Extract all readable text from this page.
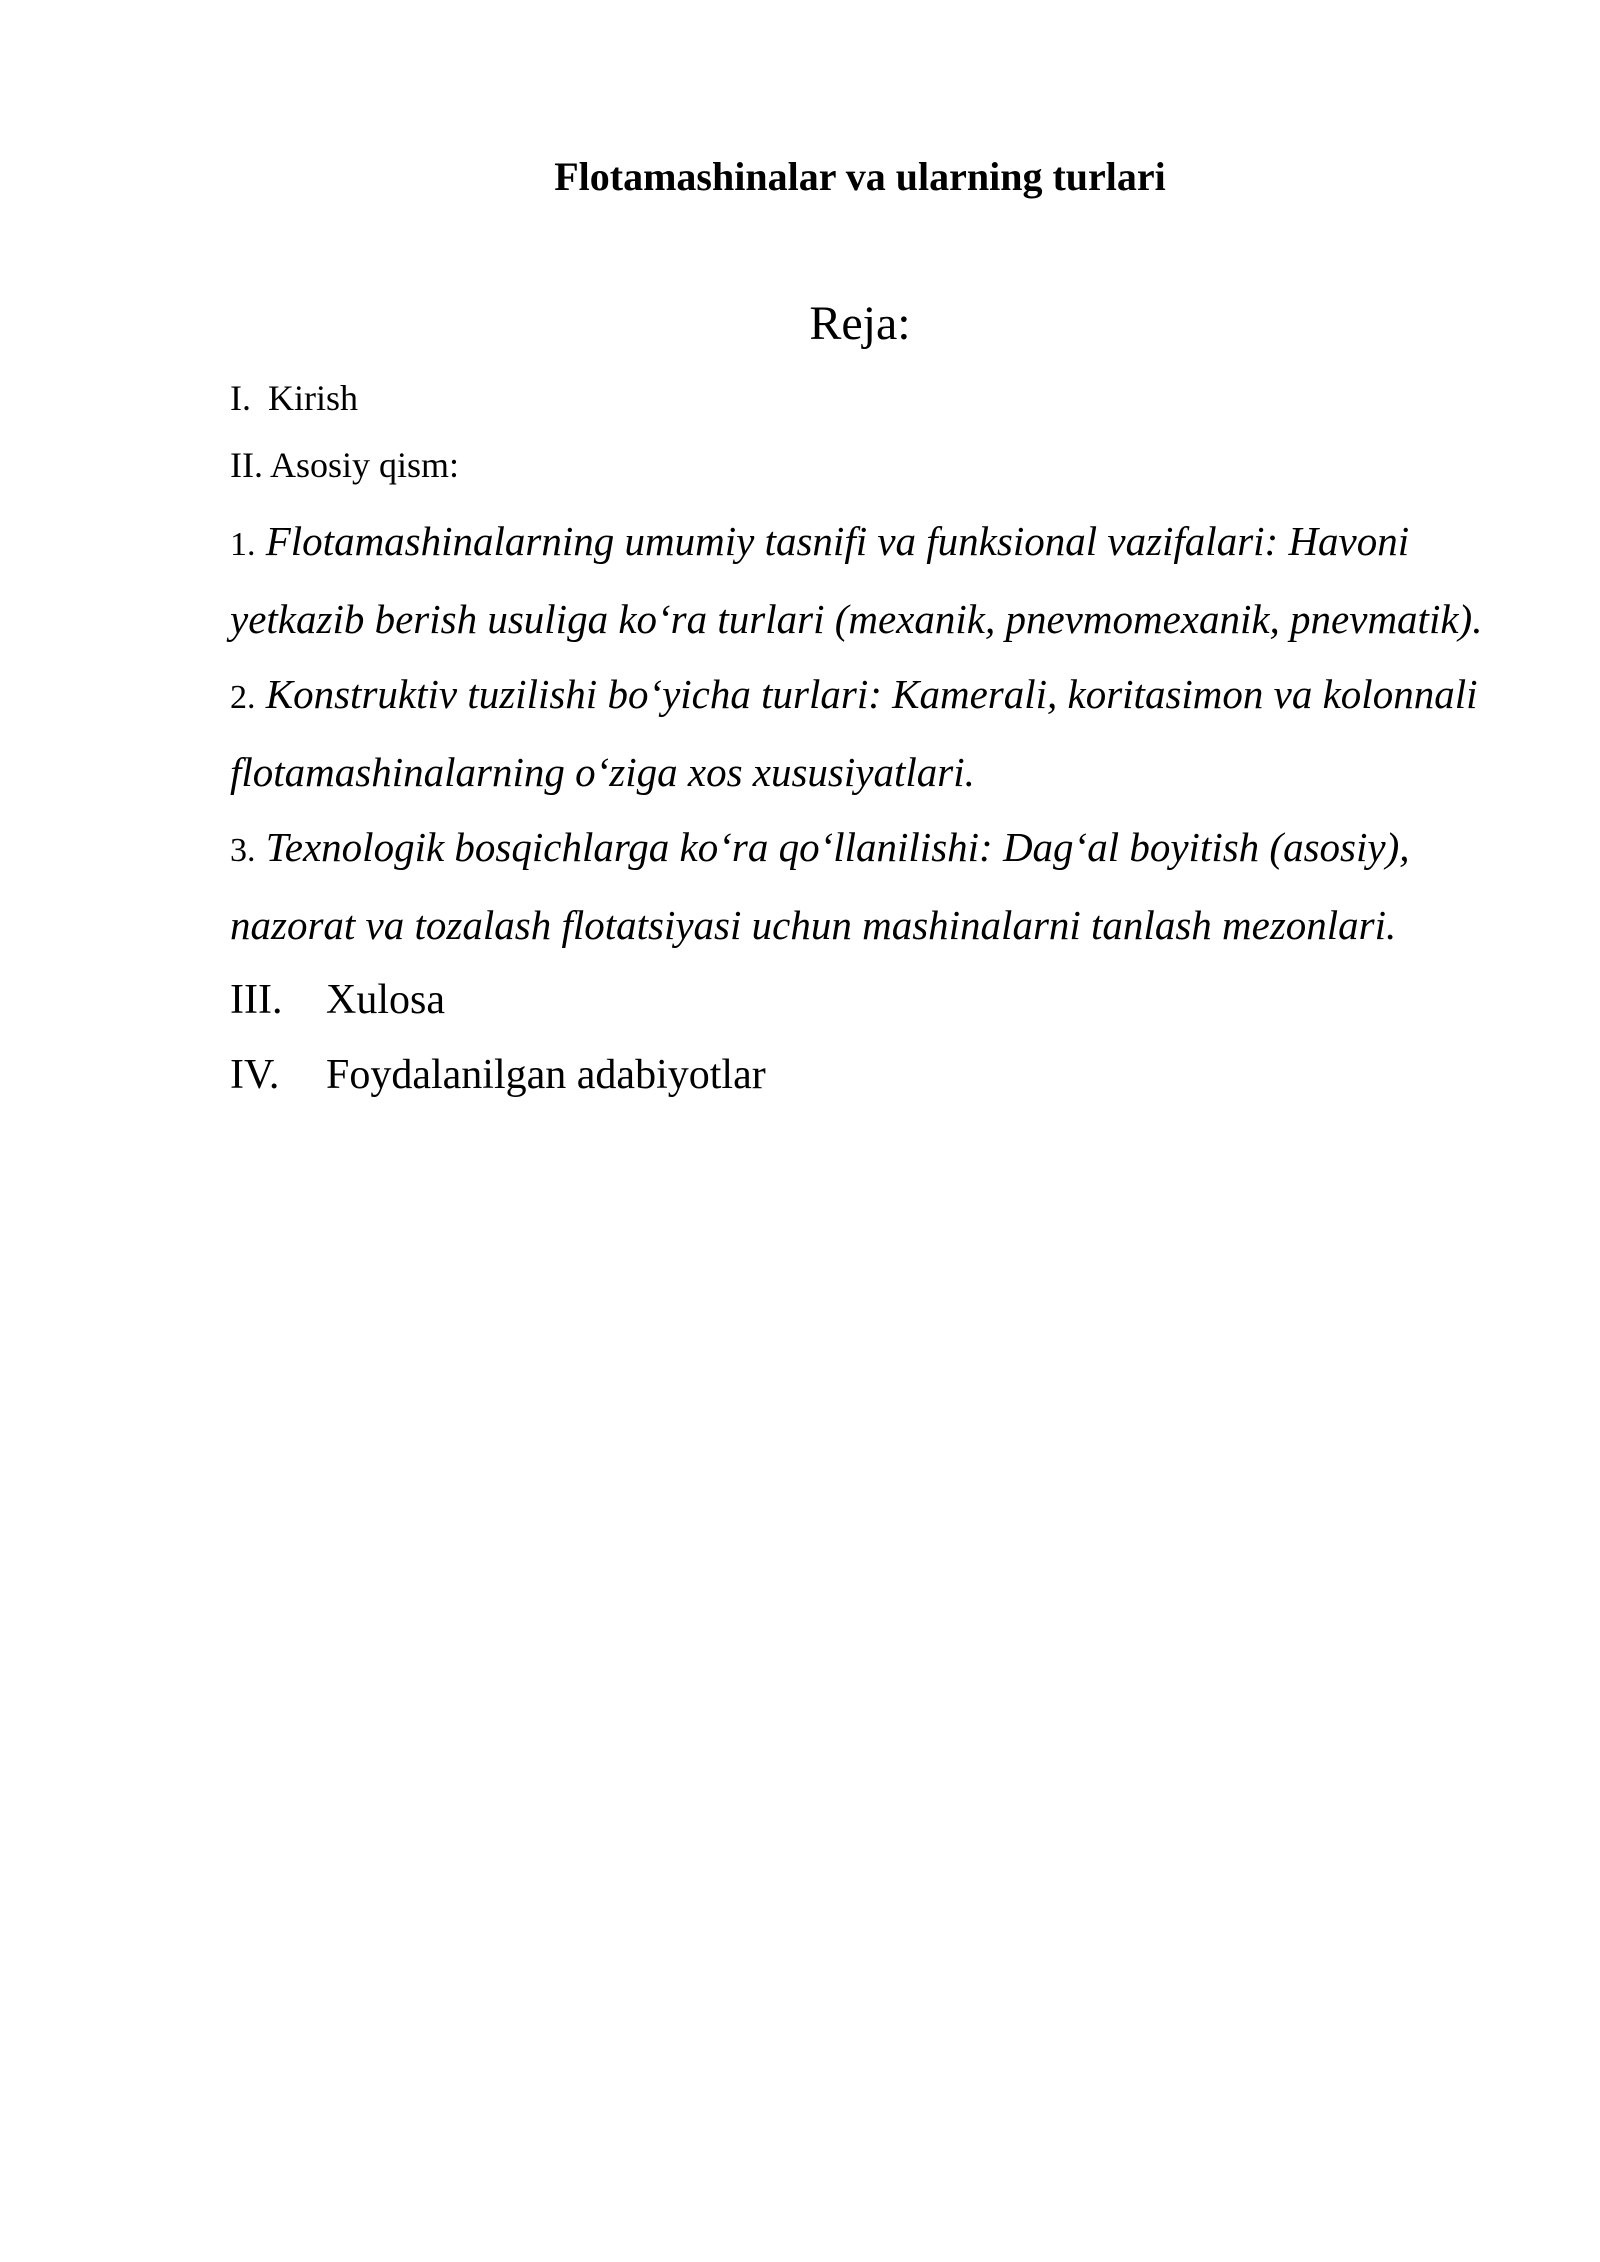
Flotamashinalar va ularning turlari
Reja:
I. Kirish
II. Asosiy qism:

1. Flotamashinalarning umumiy tasnifi va funksional vazifalari: Havoni yetkazib berish usuliga ko‘ra turlari (mexanik, pnevmomexanik, pnevmatik).

2. Konstruktiv tuzilishi bo‘yicha turlari: Kamerali, koritasimon va kolonnali flotamashinalarning o‘ziga xos xususiyatlari.

3. Texnologik bosqichlarga ko‘ra qo‘llanilishi: Dag‘al boyitish (asosiy), nazorat va tozalash flotatsiyasi uchun mashinalarni tanlash mezonlari.

III. Xulosa
IV. Foydalanilgan adabiyotlar
